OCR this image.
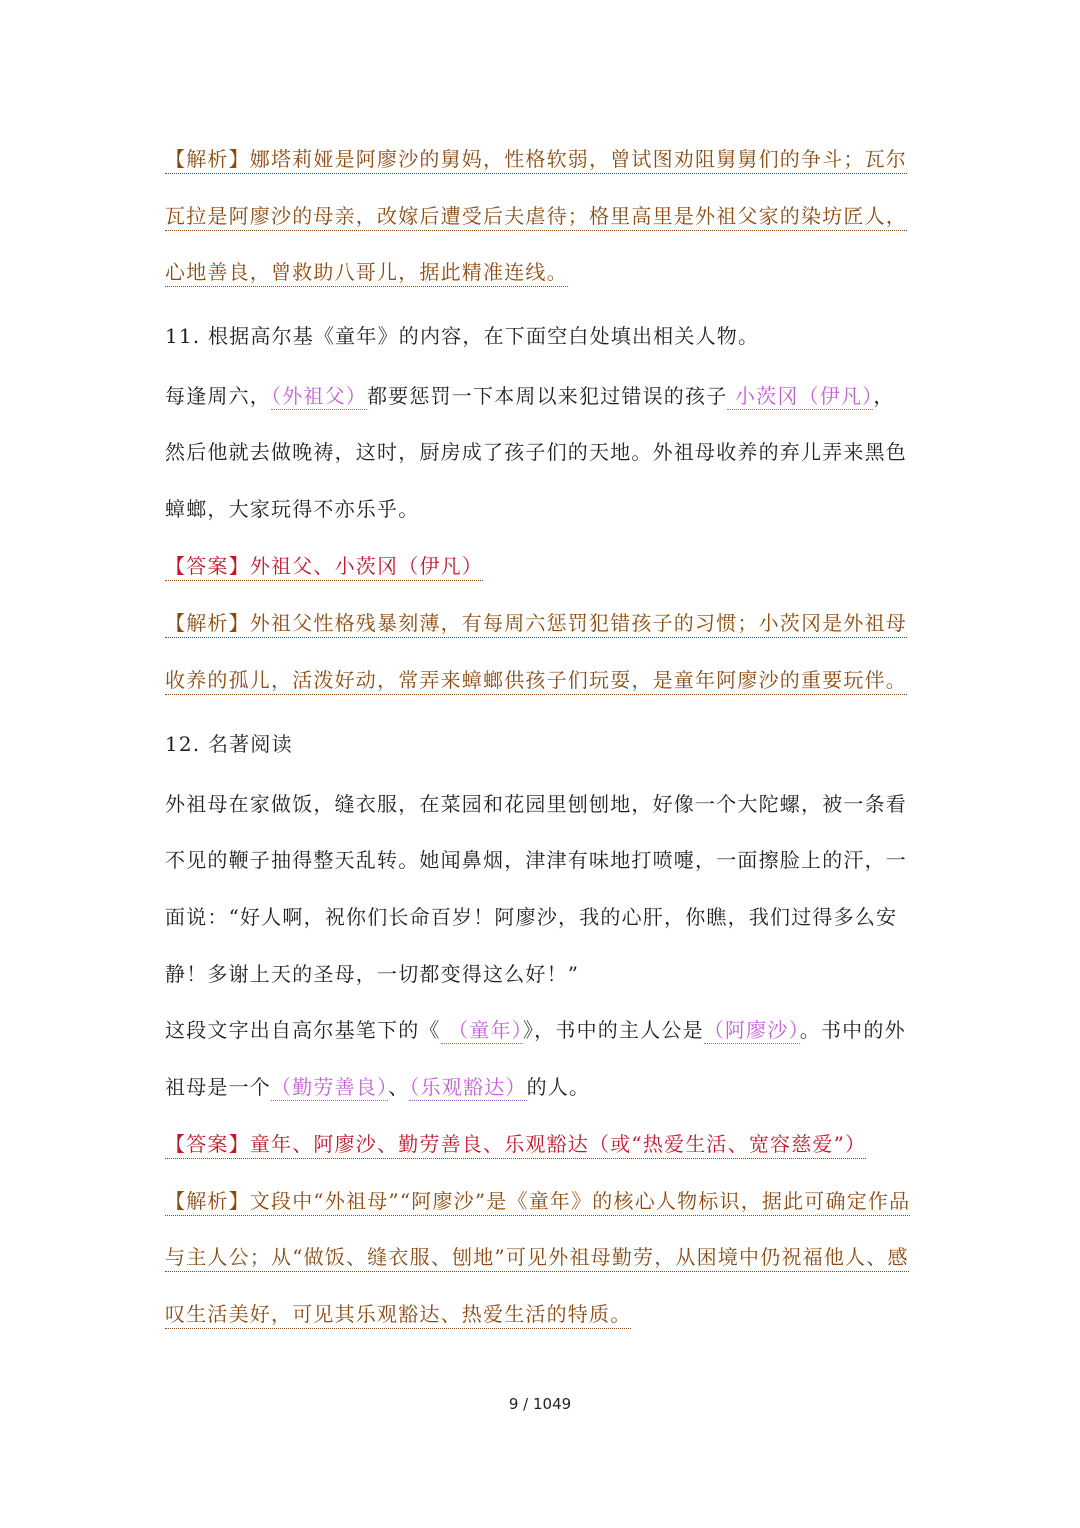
【解析】娜塔莉娅是阿廖沙的舅妈，性格软弱，曾试图劝阻舅舅们的争斗；瓦尔
瓦拉是阿廖沙的母亲，改嫁后遭受后夫虐待；格里高里是外祖父家的染坊匠人，
心地善良，曾救助八哥儿，据此精准连线。
11. 根据高尔基《童年》的内容，在下面空白处填出相关人物。
每逢周六，（外祖父）都要惩罚一下本周以来犯过错误的孩子 小茨冈（伊凡），
然后他就去做晚祷，这时，厨房成了孩子们的天地。外祖母收养的弃儿弄来黑色
蟑螂，大家玩得不亦乐乎。
【答案】外祖父、小茨冈（伊凡）
【解析】外祖父性格残暴刻薄，有每周六惩罚犯错孩子的习惯；小茨冈是外祖母
收养的孤儿，活泼好动，常弄来蟑螂供孩子们玩耍，是童年阿廖沙的重要玩伴。
12. 名著阅读
外祖母在家做饭，缝衣服，在菜园和花园里刨刨地，好像一个大陀螺，被一条看
不见的鞭子抽得整天乱转。她闻鼻烟，津津有味地打喷嚏，一面擦脸上的汗，一
面说：“好人啊，祝你们长命百岁！阿廖沙，我的心肝，你瞧，我们过得多么安
静！多谢上天的圣母，一切都变得这么好！”
这段文字出自高尔基笔下的《 （童年）》，书中的主人公是（阿廖沙）。书中的外
祖母是一个（勤劳善良）、（乐观豁达）的人。
【答案】童年、阿廖沙、勤劳善良、乐观豁达（或“热爱生活、宽容慈爱”）
【解析】文段中“外祖母”“阿廖沙”是《童年》的核心人物标识，据此可确定作品
与主人公；从“做饭、缝衣服、刨地”可见外祖母勤劳，从困境中仍祝福他人、感
叹生活美好，可见其乐观豁达、热爱生活的特质。
9 / 1049
